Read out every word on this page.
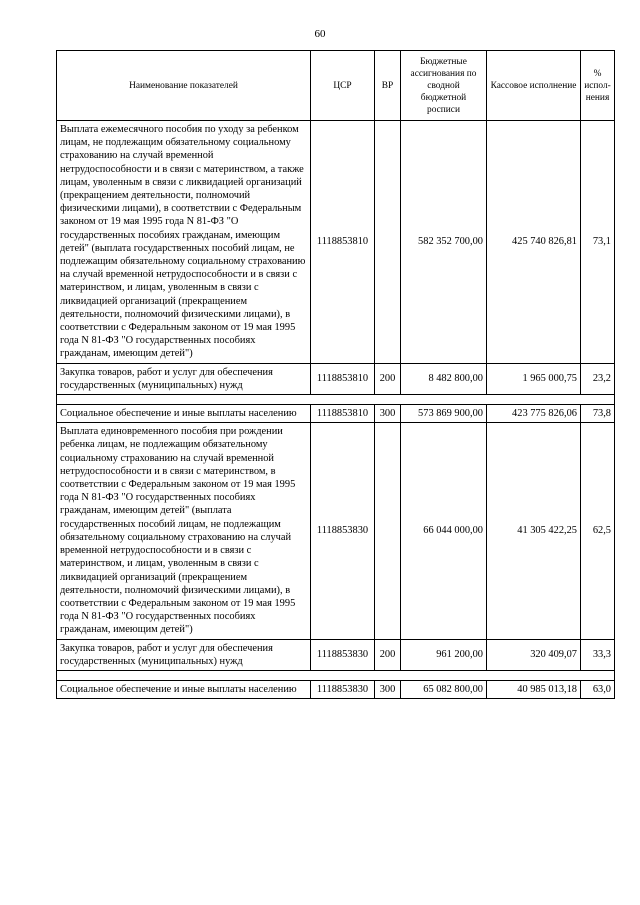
60
Наименование показателей	ЦСР	ВР	Бюджетные ассигнования по сводной бюджетной росписи	Кассовое исполнение	% испол-нения
Выплата ежемесячного пособия по уходу за ребенком лицам, не подлежащим обязательному социальному страхованию на случай временной нетрудоспособности и в связи с материнством, а также лицам, уволенным в связи с ликвидацией организаций (прекращением деятельности, полномочий физическими лицами), в соответствии с Федеральным законом от 19 мая 1995 года N 81-ФЗ "О государственных пособиях гражданам, имеющим детей" (выплата государственных пособий лицам, не подлежащим обязательному социальному страхованию на случай временной нетрудоспособности и в связи с материнством, и лицам, уволенным в связи с ликвидацией организаций (прекращением деятельности, полномочий физическими лицами), в соответствии с Федеральным законом от 19 мая 1995 года N 81-ФЗ "О государственных пособиях гражданам, имеющим детей")	1118853810		582 352 700,00	425 740 826,81	73,1
Закупка товаров, работ и услуг для обеспечения государственных (муниципальных) нужд	1118853810	200	8 482 800,00	1 965 000,75	23,2

Социальное обеспечение и иные выплаты населению	1118853810	300	573 869 900,00	423 775 826,06	73,8
Выплата единовременного пособия при рождении ребенка лицам, не подлежащим обязательному социальному страхованию на случай временной нетрудоспособности и в связи с материнством, в соответствии с Федеральным законом от 19 мая 1995 года N 81-ФЗ "О государственных пособиях гражданам, имеющим детей" (выплата государственных пособий лицам, не подлежащим обязательному социальному страхованию на случай временной нетрудоспособности и в связи с материнством, и лицам, уволенным в связи с ликвидацией организаций (прекращением деятельности, полномочий физическими лицами), в соответствии с Федеральным законом от 19 мая 1995 года N 81-ФЗ "О государственных пособиях гражданам, имеющим детей")	1118853830		66 044 000,00	41 305 422,25	62,5
Закупка товаров, работ и услуг для обеспечения государственных (муниципальных) нужд	1118853830	200	961 200,00	320 409,07	33,3

Социальное обеспечение и иные выплаты населению	1118853830	300	65 082 800,00	40 985 013,18	63,0
